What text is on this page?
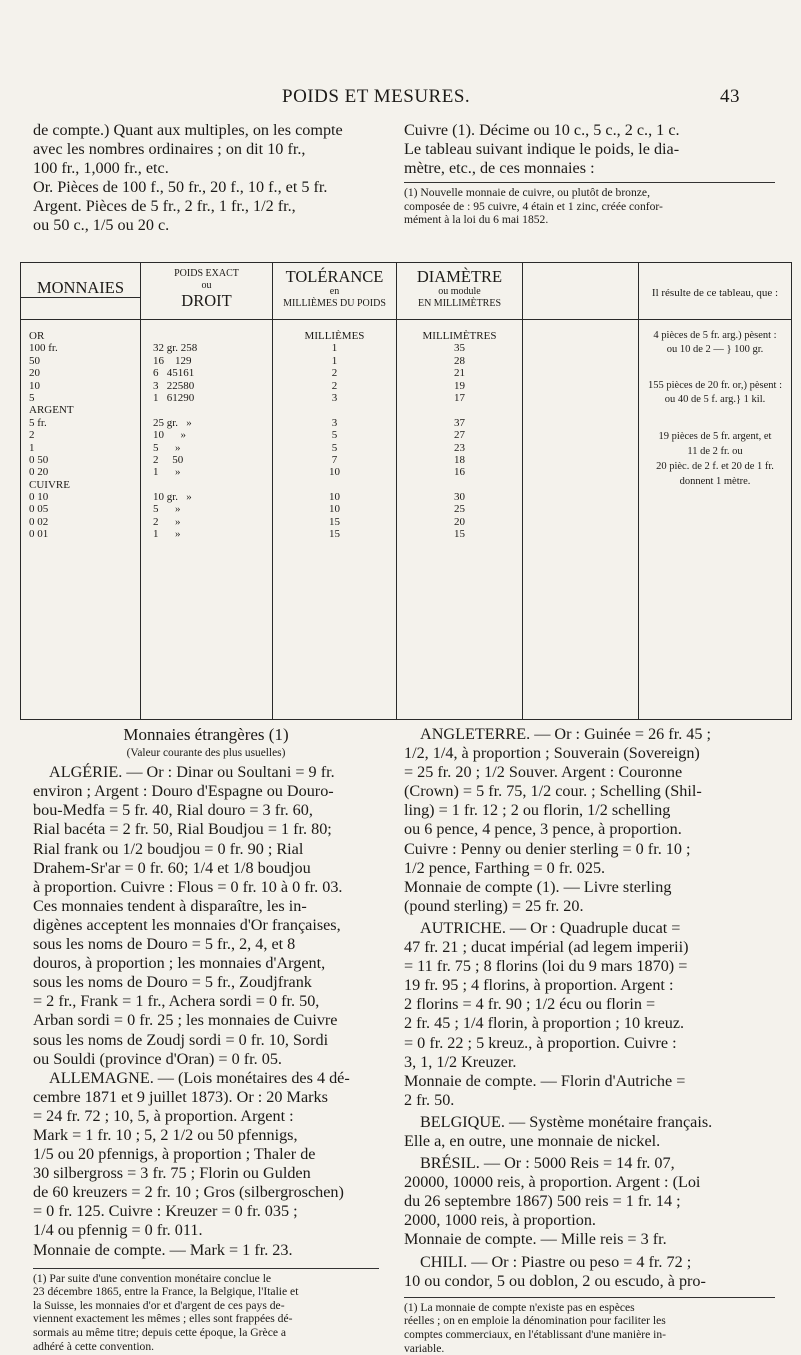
POIDS ET MESURES.	43

de compte.) Quant aux multiples, on les compte

avec les nombres ordinaires ; on dit 10 fr.,

100 fr., 1,000 fr., etc.

Or. Pièces de 100 f., 50 fr., 20 f., 10 f., et 5 fr.

Argent. Pièces de 5 fr., 2 fr., 1 fr., 1/2 fr.,

ou 50 c., 1/5 ou 20 c.

Cuivre (1). Décime ou 10 c., 5 c., 2 c., 1 c.

Le tableau suivant indique le poids, le dia-

mètre, etc., de ces monnaies :

(1) Nouvelle monnaie de cuivre, ou plutôt de bronze,

composée de : 95 cuivre, 4 étain et 1 zinc, créée confor-

mément à la loi du 6 mai 1852.

MONNAIES
POIDS EXACT
ou
DROIT
TOLÉRANCE
en
MILLIÈMES DU POIDS
DIAMÈTRE
ou module
EN MILLIMÈTRES
Il résulte de ce tableau, que :
OR
100 fr.
50
20
10
5
ARGENT
5 fr.
2
1
0 50
0 20
CUIVRE
0 10
0 05
0 02
0 01
32 gr. 258
16    129
6   45161
3   22580
1   61290
25 gr.   »
10      »
5      »
2     50
1      »
10 gr.   »
5      »
2      »
1      »
MILLIÈMES
1
1
2
2
3
3
5
5
7
10
10
10
15
15
MILLIMÈTRES
35
28
21
19
17
37
27
23
18
16
30
25
20
15
4 pièces de 5 fr. arg.) pèsent :
ou 10 de 2 — } 100 gr.
155 pièces de 20 fr. or,) pèsent :
ou 40 de 5 f. arg.} 1 kil.
19 pièces de 5 fr. argent, et
11 de 2 fr. ou
20 pièc. de 2 f. et 20 de 1 fr.
donnent 1 mètre.

Monnaies étrangères (1)

(Valeur courante des plus usuelles)

ALGÉRIE. — Or : Dinar ou Soultani = 9 fr.
environ ; Argent : Douro d'Espagne ou Douro-
bou-Medfa = 5 fr. 40, Rial douro = 3 fr. 60,
Rial bacéta = 2 fr. 50, Rial Boudjou = 1 fr. 80;
Rial frank ou 1/2 boudjou = 0 fr. 90 ; Rial
Drahem-Sr'ar = 0 fr. 60; 1/4 et 1/8 boudjou
à proportion. Cuivre : Flous = 0 fr. 10 à 0 fr. 03.
Ces monnaies tendent à disparaître, les in-
digènes acceptent les monnaies d'Or françaises,
sous les noms de Douro = 5 fr., 2, 4, et 8
douros, à proportion ; les monnaies d'Argent,
sous les noms de Douro = 5 fr., Zoudjfrank
= 2 fr., Frank = 1 fr., Achera sordi = 0 fr. 50,
Arban sordi = 0 fr. 25 ; les monnaies de Cuivre
sous les noms de Zoudj sordi = 0 fr. 10, Sordi
ou Souldi (province d'Oran) = 0 fr. 05.
ALLEMAGNE. — (Lois monétaires des 4 dé-
cembre 1871 et 9 juillet 1873). Or : 20 Marks
= 24 fr. 72 ; 10, 5, à proportion. Argent :
Mark = 1 fr. 10 ; 5, 2 1/2 ou 50 pfennigs,
1/5 ou 20 pfennigs, à proportion ; Thaler de
30 silbergross = 3 fr. 75 ; Florin ou Gulden
de 60 kreuzers = 2 fr. 10 ; Gros (silbergroschen)
= 0 fr. 125. Cuivre : Kreuzer = 0 fr. 035 ;
1/4 ou pfennig = 0 fr. 011.
Monnaie de compte. — Mark = 1 fr. 23.
(1) Par suite d'une convention monétaire conclue le
23 décembre 1865, entre la France, la Belgique, l'Italie et
la Suisse, les monnaies d'or et d'argent de ces pays de-
viennent exactement les mêmes ; elles sont frappées dé-
sormais au même titre; depuis cette époque, la Grèce a
adhéré à cette convention.
ANGLETERRE. — Or : Guinée = 26 fr. 45 ;
1/2, 1/4, à proportion ; Souverain (Sovereign)
= 25 fr. 20 ; 1/2 Souver. Argent : Couronne
(Crown) = 5 fr. 75, 1/2 cour. ; Schelling (Shil-
ling) = 1 fr. 12 ; 2 ou florin, 1/2 schelling
ou 6 pence, 4 pence, 3 pence, à proportion.
Cuivre : Penny ou denier sterling = 0 fr. 10 ;
1/2 pence, Farthing = 0 fr. 025.
Monnaie de compte (1). — Livre sterling
(pound sterling) = 25 fr. 20.
AUTRICHE. — Or : Quadruple ducat =
47 fr. 21 ; ducat impérial (ad legem imperii)
= 11 fr. 75 ; 8 florins (loi du 9 mars 1870) =
19 fr. 95 ; 4 florins, à proportion. Argent :
2 florins = 4 fr. 90 ; 1/2 écu ou florin =
2 fr. 45 ; 1/4 florin, à proportion ; 10 kreuz.
= 0 fr. 22 ; 5 kreuz., à proportion. Cuivre :
3, 1, 1/2 Kreuzer.
Monnaie de compte. — Florin d'Autriche =
2 fr. 50.
BELGIQUE. — Système monétaire français.
Elle a, en outre, une monnaie de nickel.
BRÉSIL. — Or : 5000 Reis = 14 fr. 07,
20000, 10000 reis, à proportion. Argent : (Loi
du 26 septembre 1867) 500 reis = 1 fr. 14 ;
2000, 1000 reis, à proportion.
Monnaie de compte. — Mille reis = 3 fr.
CHILI. — Or : Piastre ou peso = 4 fr. 72 ;
10 ou condor, 5 ou doblon, 2 ou escudo, à pro-
(1) La monnaie de compte n'existe pas en espèces
réelles ; on en emploie la dénomination pour faciliter les
comptes commerciaux, en l'établissant d'une manière in-
variable.
